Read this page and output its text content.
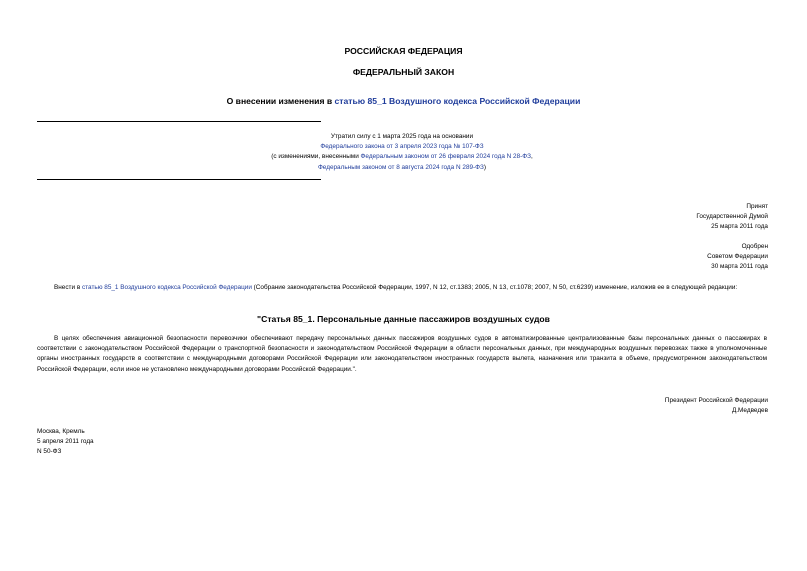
РОССИЙСКАЯ ФЕДЕРАЦИЯ
ФЕДЕРАЛЬНЫЙ ЗАКОН
О внесении изменения в статью 85_1 Воздушного кодекса Российской Федерации
Утратил силу с 1 марта 2025 года на основании
Федерального закона от 3 апреля 2023 года № 107-ФЗ
(с изменениями, внесенными Федеральным законом от 26 февраля 2024 года N 28-ФЗ,
Федеральным законом от 8 августа 2024 года N 289-ФЗ)
Принят
Государственной Думой
25 марта 2011 года
Одобрен
Советом Федерации
30 марта 2011 года
Внести в статью 85_1 Воздушного кодекса Российской Федерации (Собрание законодательства Российской Федерации, 1997, N 12, ст.1383; 2005, N 13, ст.1078; 2007, N 50, ст.6239) изменение, изложив ее в следующей редакции:
"Статья 85_1. Персональные данные пассажиров воздушных судов
В целях обеспечения авиационной безопасности перевозчики обеспечивают передачу персональных данных пассажиров воздушных судов в автоматизированные централизованные базы персональных данных о пассажирах в соответствии с законодательством Российской Федерации о транспортной безопасности и законодательством Российской Федерации в области персональных данных, при международных воздушных перевозках также в уполномоченные органы иностранных государств в соответствии с международными договорами Российской Федерации или законодательством иностранных государств вылета, назначения или транзита в объеме, предусмотренном законодательством Российской Федерации, если иное не установлено международными договорами Российской Федерации.".
Президент Российской Федерации
Д.Медведев
Москва, Кремль
5 апреля 2011 года
N 50-ФЗ
